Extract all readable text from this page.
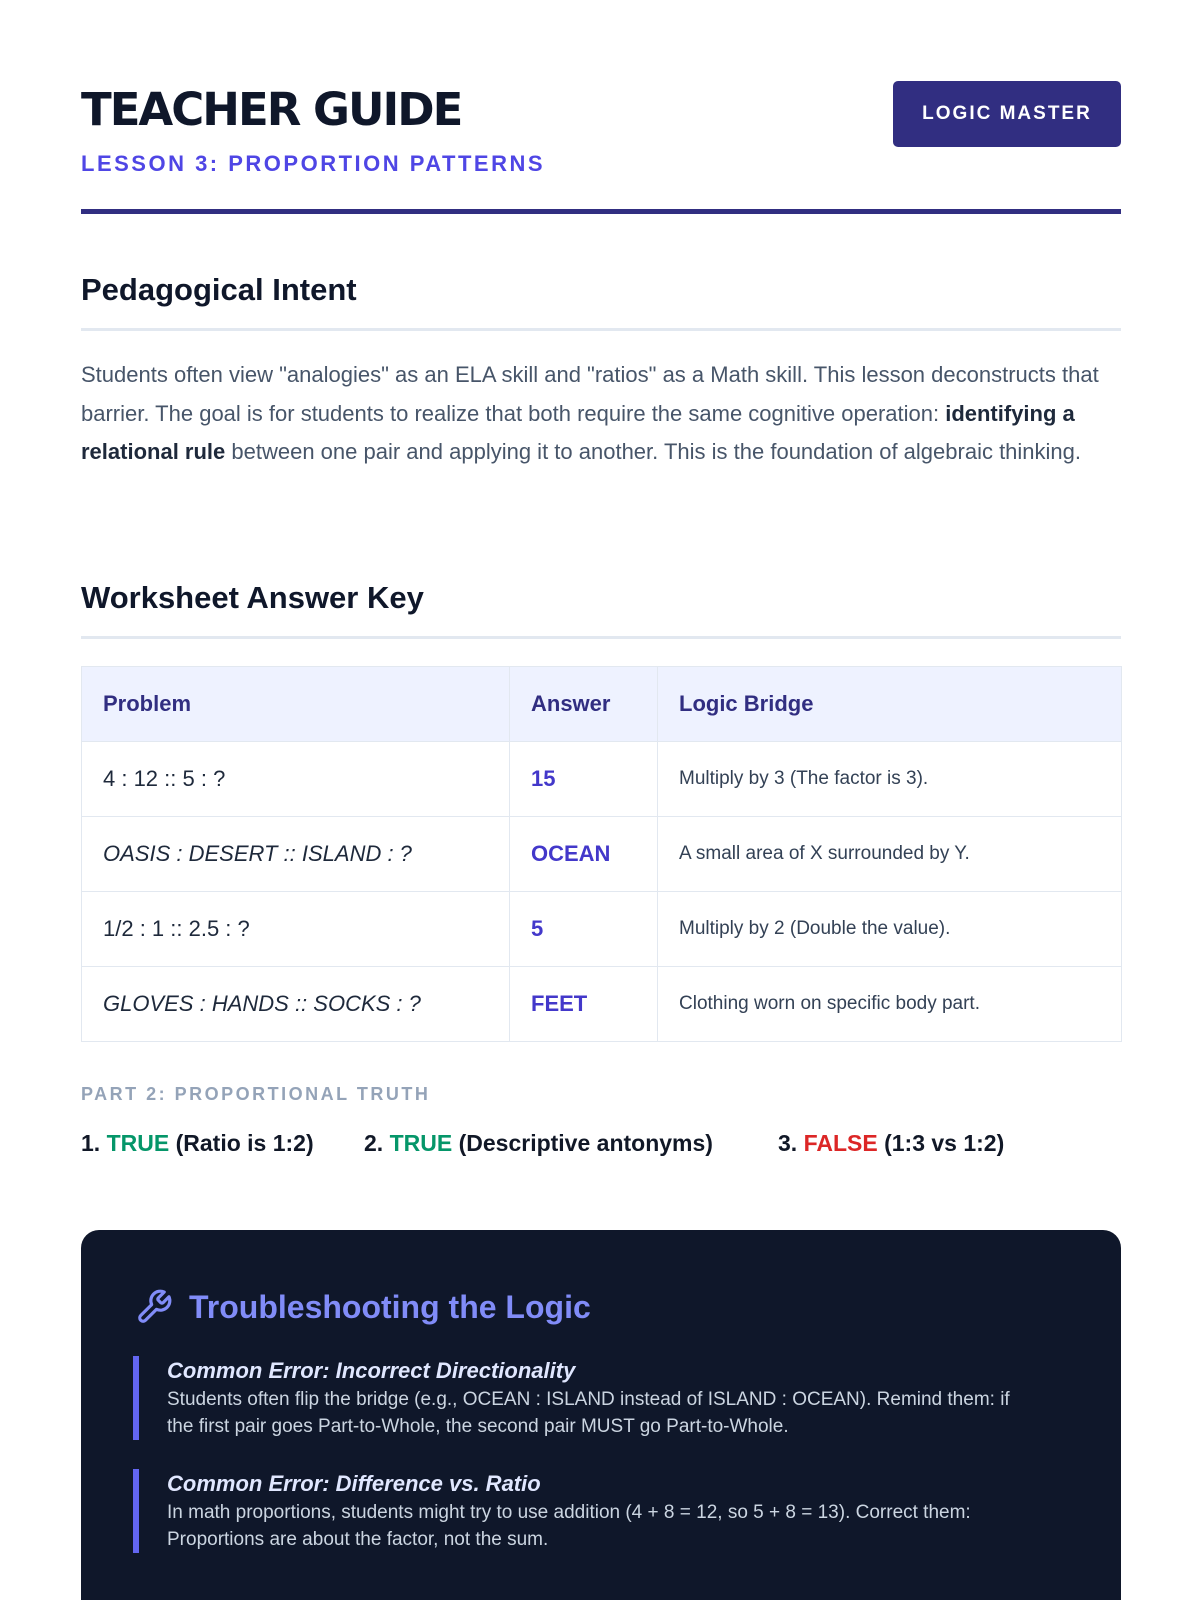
TEACHER GUIDE
LESSON 3: PROPORTION PATTERNS
LOGIC MASTER
Pedagogical Intent

Students often view "analogies" as an ELA skill and "ratios" as a Math skill. This lesson deconstructs that barrier. The goal is for students to realize that both require the same cognitive operation: identifying a relational rule between one pair and applying it to another. This is the foundation of algebraic thinking.

Worksheet Answer Key
Problem	Answer	Logic Bridge
4 : 12 :: 5 : ?	15	Multiply by 3 (The factor is 3).
OASIS : DESERT :: ISLAND : ?	OCEAN	A small area of X surrounded by Y.
1/2 : 1 :: 2.5 : ?	5	Multiply by 2 (Double the value).
GLOVES : HANDS :: SOCKS : ?	FEET	Clothing worn on specific body part.
PART 2: PROPORTIONAL TRUTH
1. TRUE (Ratio is 1:2) 2. TRUE (Descriptive antonyms)	3. FALSE (1:3 vs 1:2)
Troubleshooting the Logic
Common Error: Incorrect Directionality
Students often flip the bridge (e.g., OCEAN : ISLAND instead of ISLAND : OCEAN). Remind them: if the first pair goes Part-to-Whole, the second pair MUST go Part-to-Whole.
Common Error: Difference vs. Ratio
In math proportions, students might try to use addition (4 + 8 = 12, so 5 + 8 = 13). Correct them: Proportions are about the factor, not the sum.
